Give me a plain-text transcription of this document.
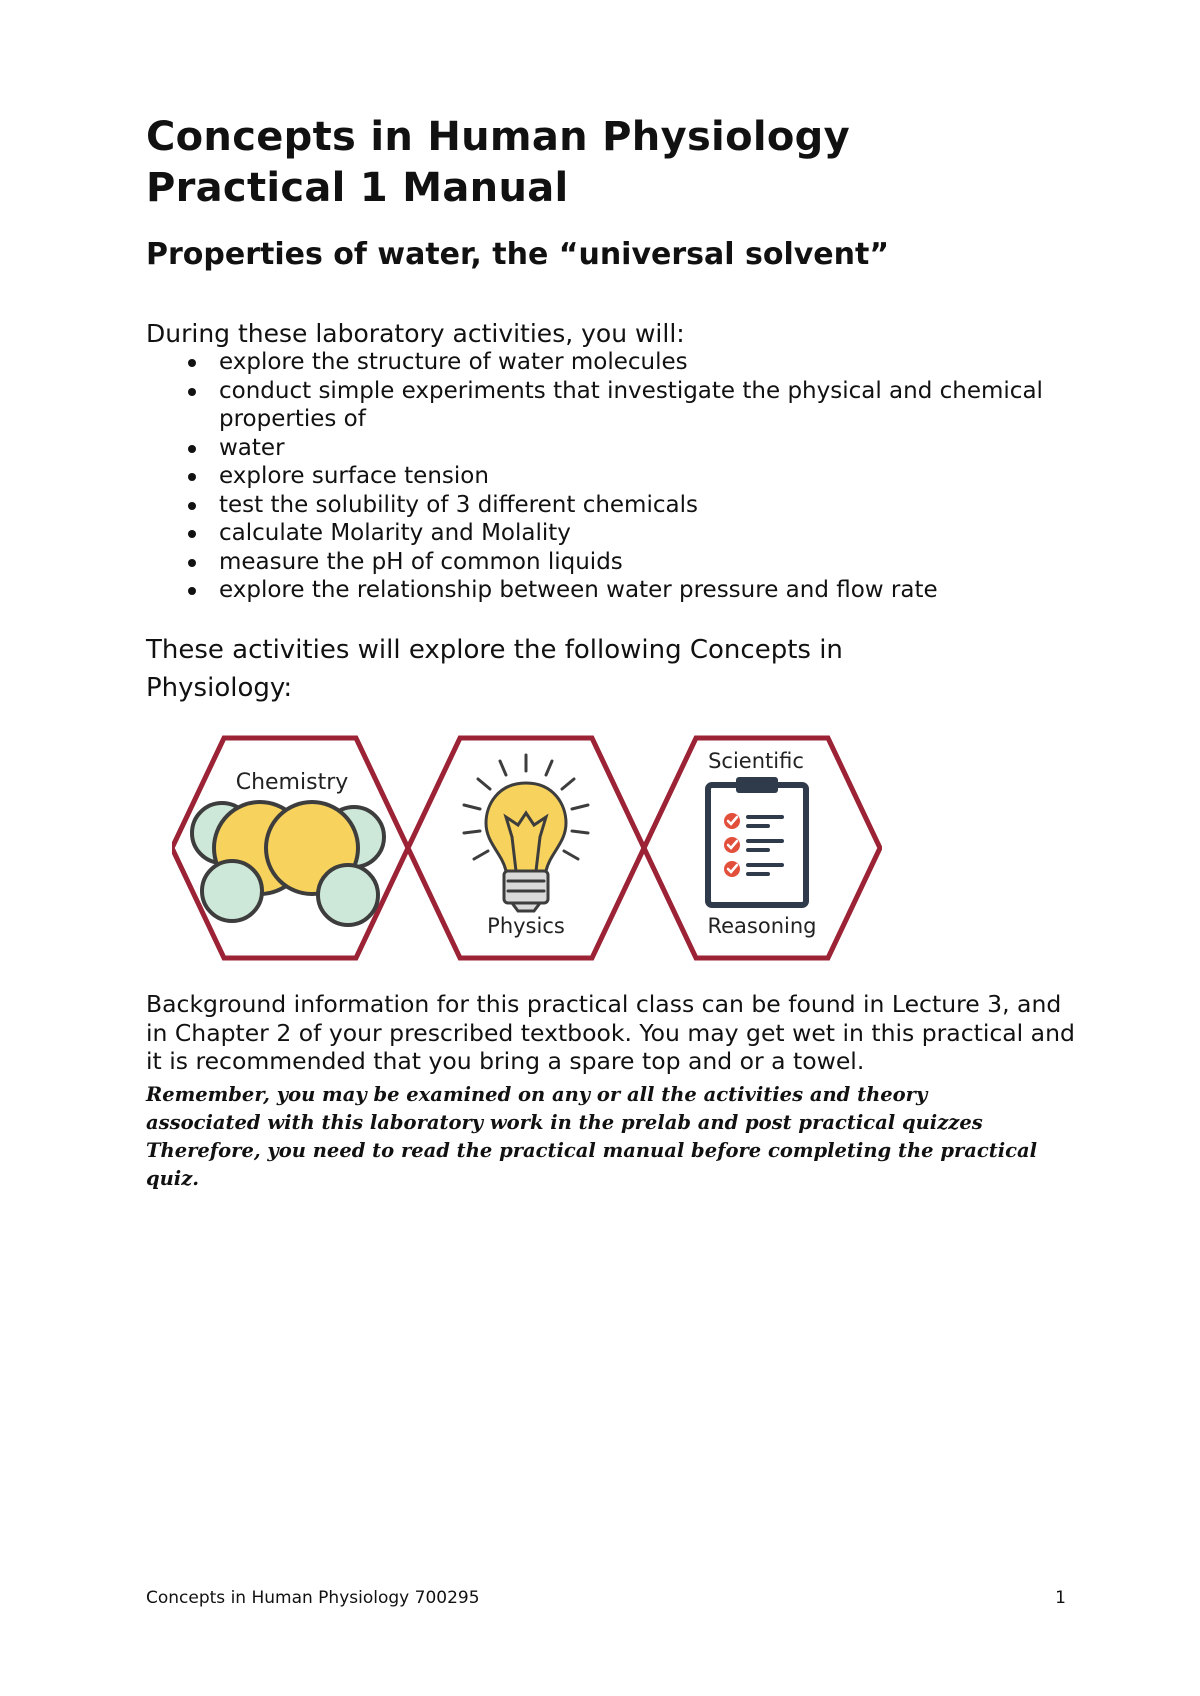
Concepts in Human Physiology
Practical 1 Manual
Properties of water, the “universal solvent”
During these laboratory activities, you will:
explore the structure of water molecules
conduct simple experiments that investigate the physical and chemical properties of
water
explore surface tension
test the solubility of 3 different chemicals
calculate Molarity and Molality
measure the pH of common liquids
explore the relationship between water pressure and flow rate
These activities will explore the following Concepts in Physiology:
Chemistry
Physics
Scientific
Reasoning
Background information for this practical class can be found in Lecture 3, and in Chapter 2 of your prescribed textbook. You may get wet in this practical and it is recommended that you bring a spare top and or a towel.
Remember, you may be examined on any or all the activities and theory associated with this laboratory work in the prelab and post practical quizzes
Therefore, you need to read the practical manual before completing the practical quiz.
Concepts in Human Physiology 700295	1
